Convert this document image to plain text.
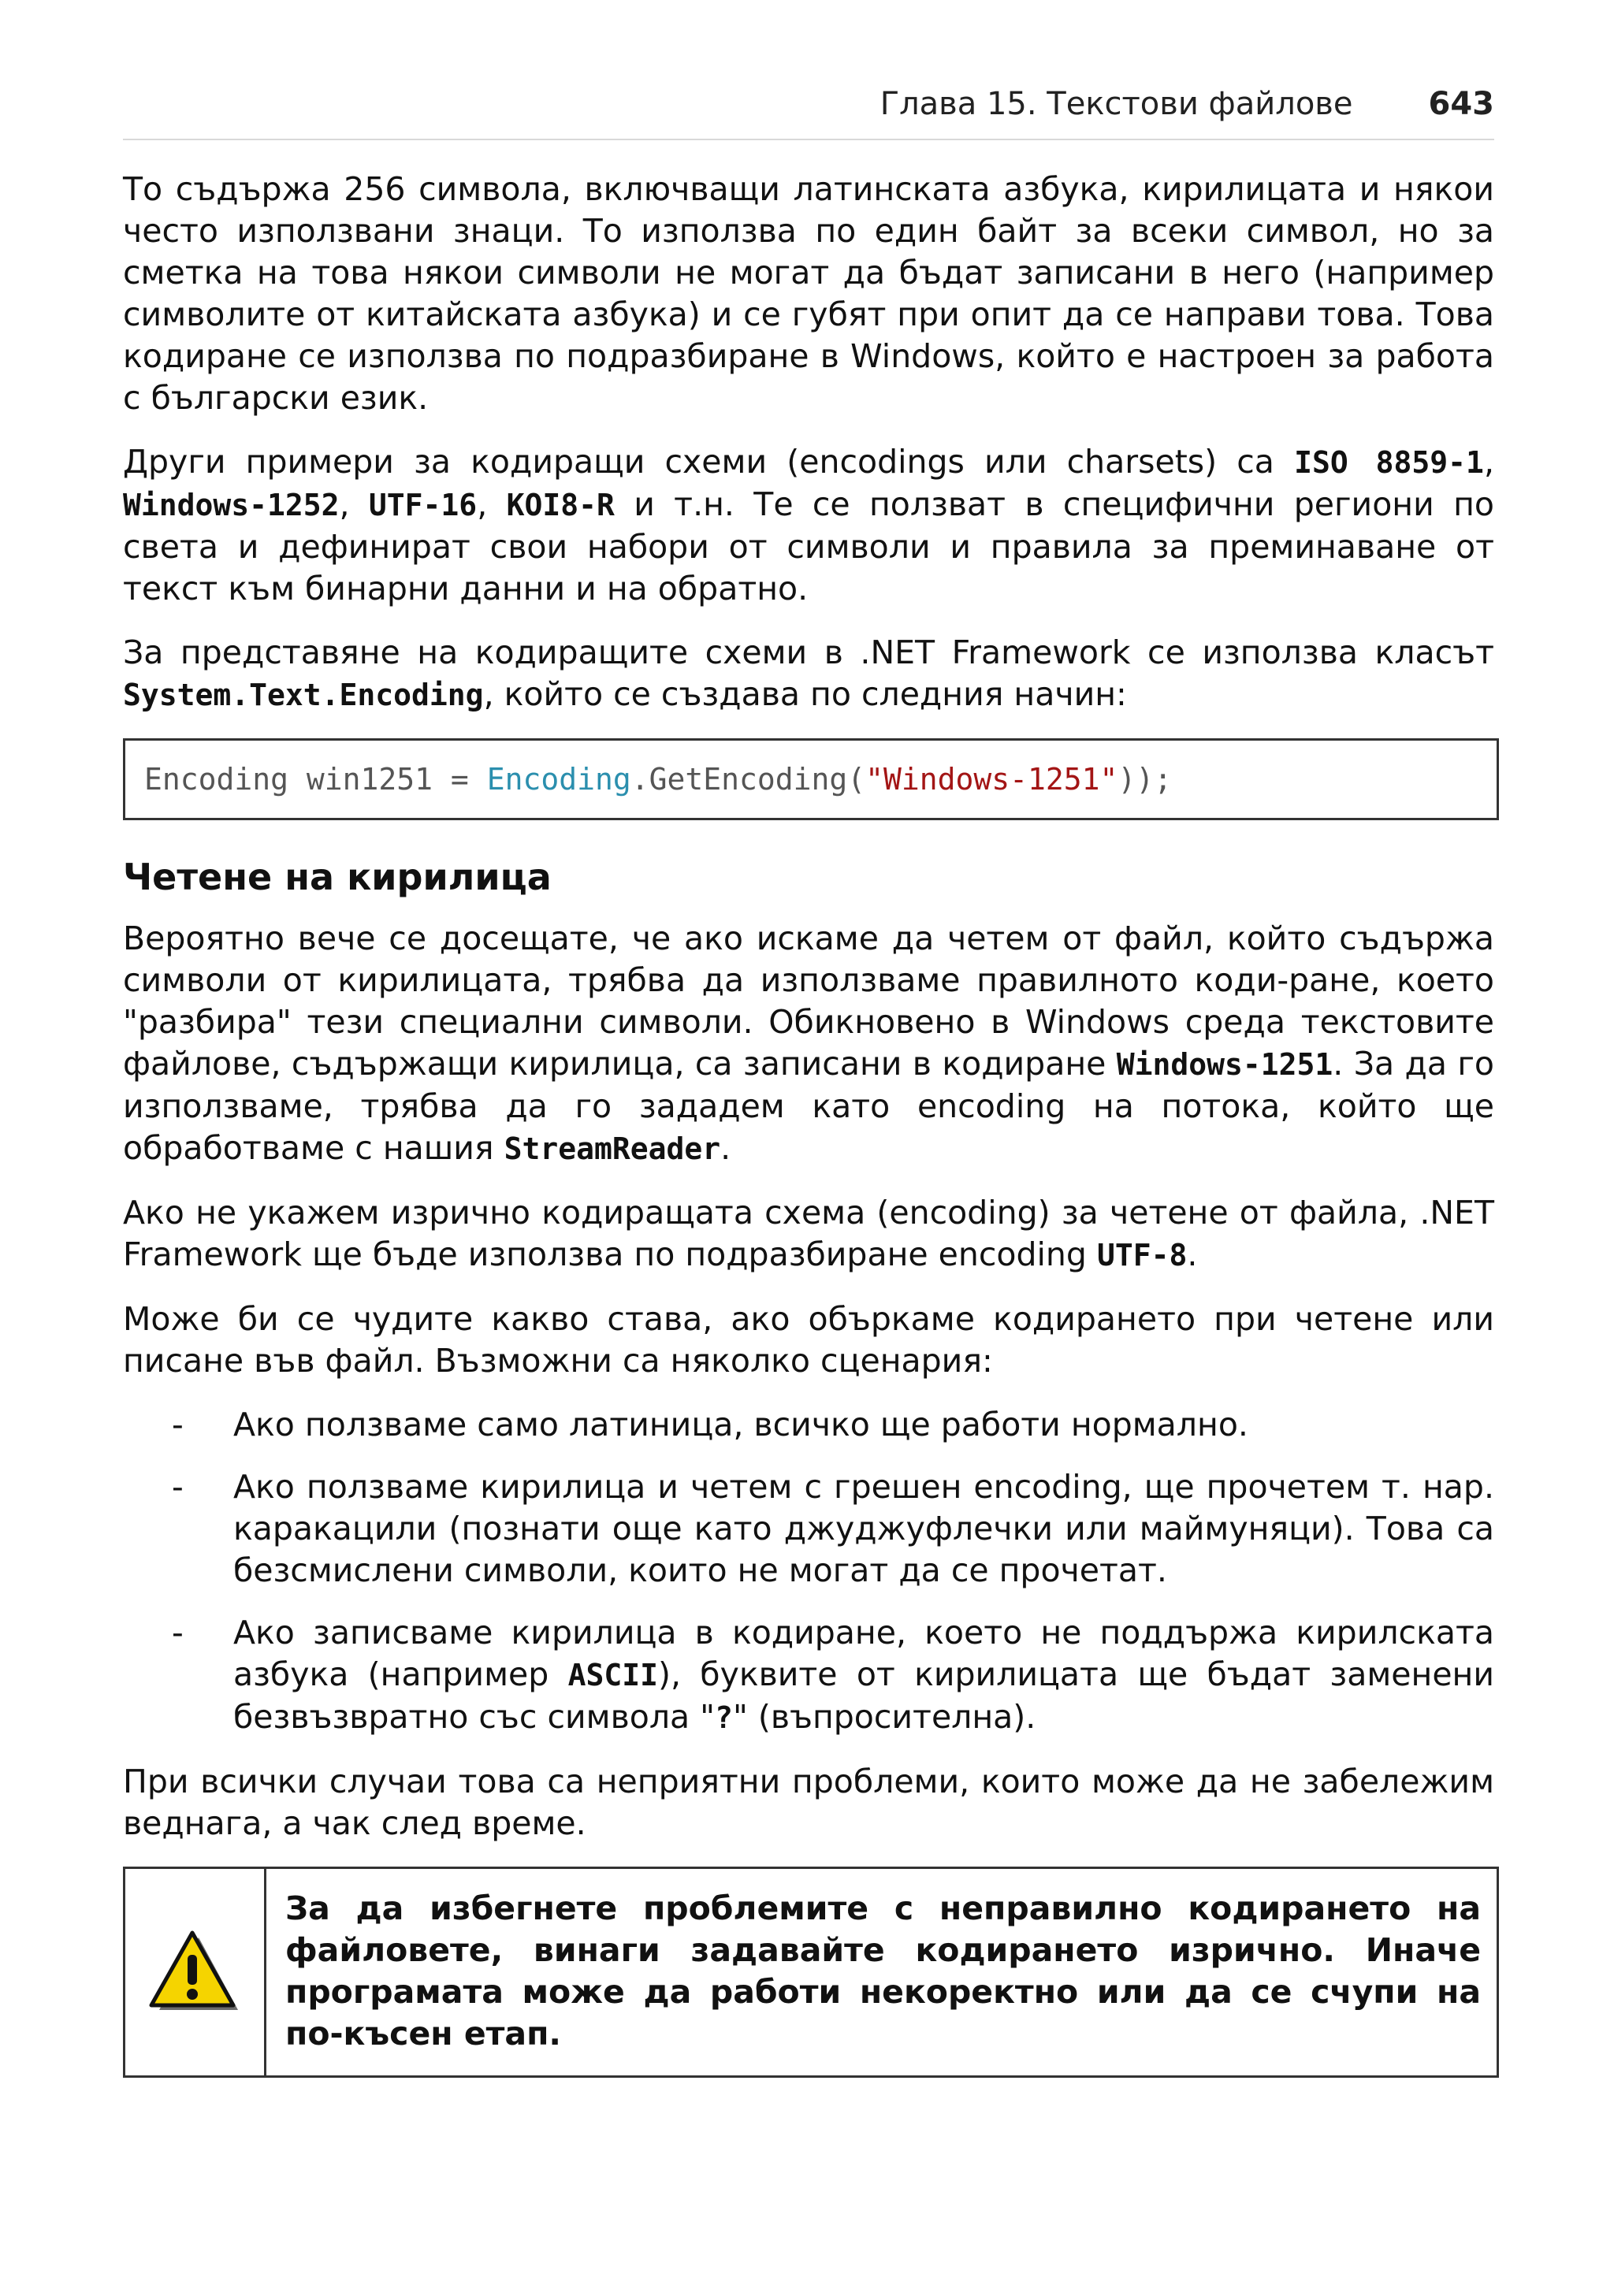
Глава 15. Текстови файлове 643

То съдържа 256 символа, включващи латинската азбука, кирилицата и някои често използвани знаци. То използва по един байт за всеки символ, но за сметка на това някои символи не могат да бъдат записани в него (например символите от китайската азбука) и се губят при опит да се направи това. Това кодиране се използва по подразбиране в Windows, който е настроен за работа с български език.

Други примери за кодиращи схеми (encodings или charsets) са ISO 8859-1, Windows-1252, UTF-16, KOI8-R и т.н. Те се ползват в специфични региони по света и дефинират свои набори от символи и правила за преминаване от текст към бинарни данни и на обратно.

За представяне на кодиращите схеми в .NET Framework се използва класът System.Text.Encoding, който се създава по следния начин:

Encoding win1251 = Encoding.GetEncoding("Windows-1251"));
Четене на кирилица

Вероятно вече се досещате, че ако искаме да четем от файл, който съдържа символи от кирилицата, трябва да използваме правилното коди-ране, което "разбира" тези специални символи. Обикновено в Windows среда текстовите файлове, съдържащи кирилица, са записани в кодиране Windows-1251. За да го използваме, трябва да го зададем като encoding на потока, който ще обработваме с нашия StreamReader.

Ако не укажем изрично кодиращата схема (encoding) за четене от файла, .NET Framework ще бъде използва по подразбиране encoding UTF-8.

Може би се чудите какво става, ако объркаме кодирането при четене или писане във файл. Възможни са няколко сценария:

- Ако ползваме само латиница, всичко ще работи нормално.
- Ако ползваме кирилица и четем с грешен encoding, ще прочетем т. нар. каракацили (познати още като джуджуфлечки или маймуняци). Това са безсмислени символи, които не могат да се прочетат.
- Ако записваме кирилица в кодиране, което не поддържа кирилската азбука (например ASCII), буквите от кирилицата ще бъдат заменени безвъзвратно със символа "?" (въпросителна).

При всички случаи това са неприятни проблеми, които може да не забележим веднага, а чак след време.

За да избегнете проблемите с неправилно кодирането на файловете, винаги задавайте кодирането изрично. Иначе програмата може да работи некоректно или да се счупи на по-късен етап.
